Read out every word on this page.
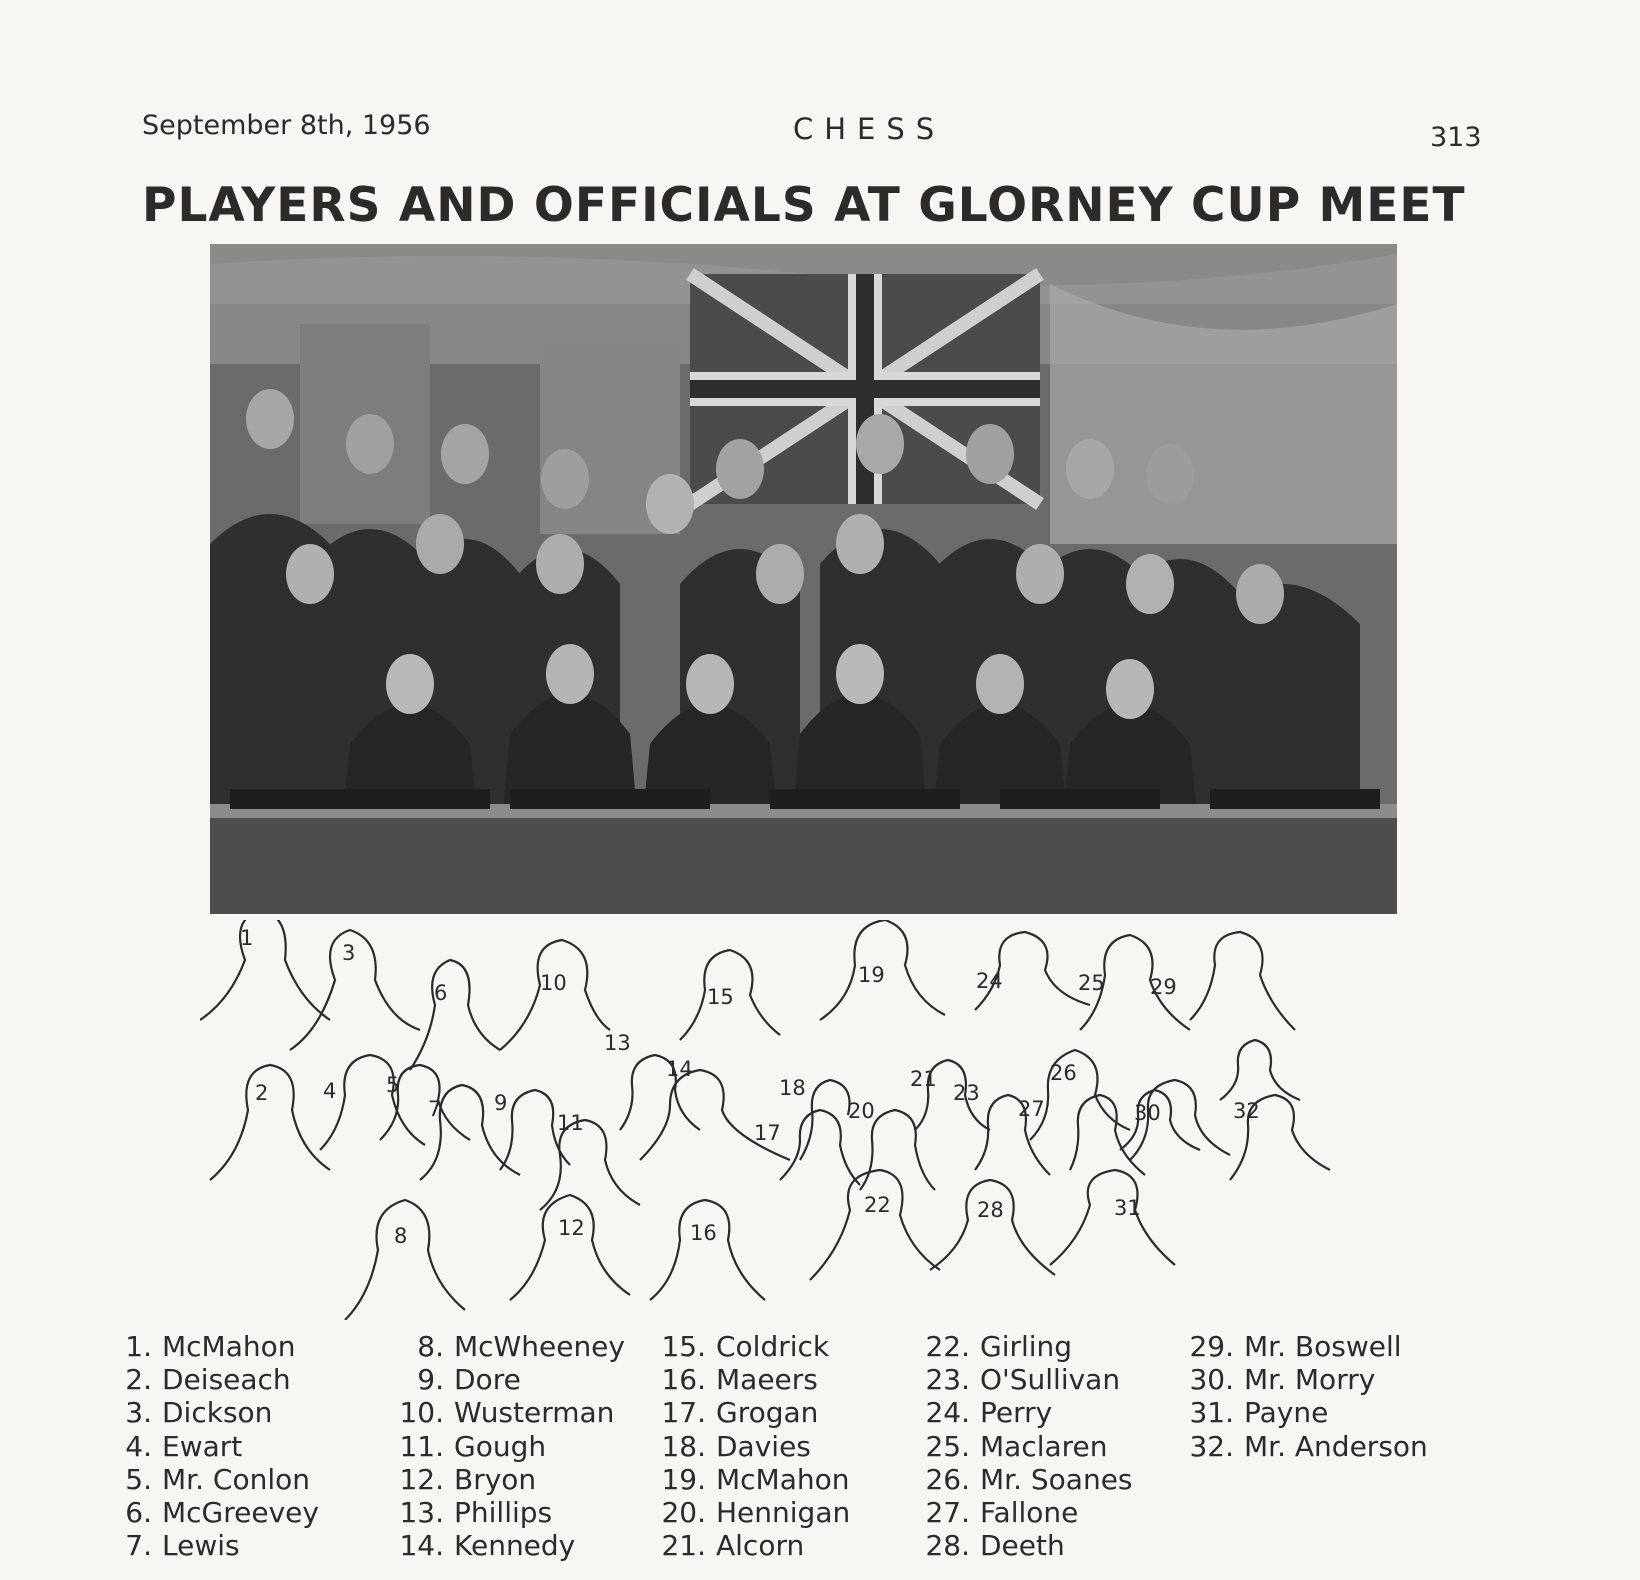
September 8th, 1956	CHESS	313
PLAYERS AND OFFICIALS AT GLORNEY CUP MEET
1
2
3
4 5
6
7
8
9
10
11
12
13
14
15
16
17
18
19
20
21
22
23
24	25
26
27
28
29
30
31
32
1. McMahon
2. Deiseach
3. Dickson
4. Ewart
5. Mr. Conlon
6. McGreevey
7. Lewis
8. McWheeney
9. Dore
10. Wusterman
11. Gough
12. Bryon
13. Phillips
14. Kennedy
15. Coldrick
16. Maeers
17. Grogan
18. Davies
19. McMahon
20. Hennigan
21. Alcorn
22. Girling
23. O'Sullivan
24. Perry
25. Maclaren
26. Mr. Soanes
27. Fallone
28. Deeth
29. Mr. Boswell
30. Mr. Morry
31. Payne
32. Mr. Anderson
